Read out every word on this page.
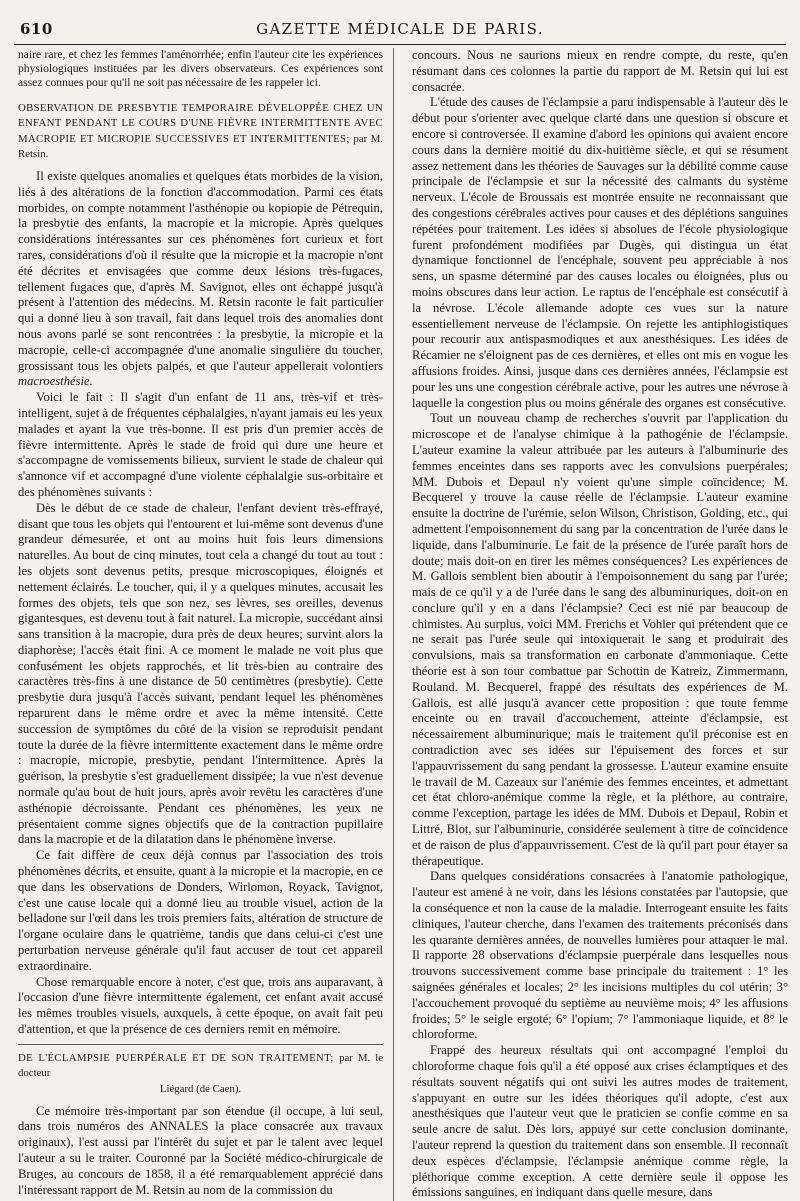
610	GAZETTE MÉDICALE DE PARIS.

naire rare, et chez les femmes l'aménorrhée; enfin l'auteur cite les expériences physiologiques instituées par les divers observateurs. Ces expériences sont assez connues pour qu'il ne soit pas nécessaire de les rappeler ici.

OBSERVATION DE PRESBYTIE TEMPORAIRE DÉVELOPPÉE CHEZ UN ENFANT PENDANT LE COURS D'UNE FIÈVRE INTERMITTENTE AVEC MACROPIE ET MICROPIE SUCCESSIVES ET INTERMITTENTES; par M. Retsin.

Il existe quelques anomalies et quelques états morbides de la vision, liés à des altérations de la fonction d'accommodation. Parmi ces états morbides, on compte notamment l'asthénopie ou kopiopie de Pétrequin, la presbytie des enfants, la macropie et la micropie. Après quelques considérations intéressantes sur ces phénomènes fort curieux et fort rares, considérations d'où il résulte que la micropie et la macropie n'ont été décrites et envisagées que comme deux lésions très-fugaces, tellement fugaces que, d'après M. Savignot, elles ont échappé jusqu'à présent à l'attention des médecins. M. Retsin raconte le fait particulier qui a donné lieu à son travail, fait dans lequel trois des anomalies dont nous avons parlé se sont rencontrées : la presbytie, la micropie et la macropie, celle-ci accompagnée d'une anomalie singulière du toucher, grossissant tous les objets palpés, et que l'auteur appellerait volontiers macroesthésie.

Voici le fait : Il s'agit d'un enfant de 11 ans, très-vif et très-intelligent, sujet à de fréquentes céphalalgies, n'ayant jamais eu les yeux malades et ayant la vue très-bonne. Il est pris d'un premier accès de fièvre intermittente. Après le stade de froid qui dure une heure et s'accompagne de vomissements bilieux, survient le stade de chaleur qui s'annonce vif et accompagné d'une violente céphalalgie sus-orbitaire et des phénomènes suivants :

Dès le début de ce stade de chaleur, l'enfant devient très-effrayé, disant que tous les objets qui l'entourent et lui-même sont devenus d'une grandeur démesurée, et ont au moins huit fois leurs dimensions naturelles. Au bout de cinq minutes, tout cela a changé du tout au tout : les objets sont devenus petits, presque microscopiques, éloignés et nettement éclairés. Le toucher, qui, il y a quelques minutes, accusait les formes des objets, tels que son nez, ses lèvres, ses oreilles, devenus gigantesques, est devenu tout à fait naturel. La micropie, succédant ainsi sans transition à la macropie, dura près de deux heures; survint alors la diaphorèse; l'accès était fini. A ce moment le malade ne voit plus que confusément les objets rapprochés, et lit très-bien au contraire des caractères très-fins à une distance de 50 centimètres (presbytie). Cette presbytie dura jusqu'à l'accès suivant, pendant lequel les phénomènes reparurent dans le même ordre et avec la même intensité. Cette succession de symptômes du côté de la vision se reproduisit pendant toute la durée de la fièvre intermittente exactement dans le même ordre : macropie, micropie, presbytie, pendant l'intermittence. Après la guérison, la presbytie s'est graduellement dissipée; la vue n'est devenue normale qu'au bout de huit jours, après avoir revêtu les caractères d'une asthénopie décroissante. Pendant ces phénomènes, les yeux ne présentaient comme signes objectifs que de la contraction pupillaire dans la macropie et de la dilatation dans le phénomène inverse.

Ce fait diffère de ceux déjà connus par l'association des trois phénomènes décrits, et ensuite, quant à la micropie et la macropie, en ce que dans les observations de Donders, Wirlomon, Royack, Tavignot, c'est une cause locale qui a donné lieu au trouble visuel, action de la belladone sur l'œil dans les trois premiers faits, altération de structure de l'organe oculaire dans le quatrième, tandis que dans celui-ci c'est une perturbation nerveuse générale qu'il faut accuser de tout cet appareil extraordinaire.

Chose remarquable encore à noter, c'est que, trois ans auparavant, à l'occasion d'une fièvre intermittente également, cet enfant avait accusé les mêmes troubles visuels, auxquels, à cette époque, on avait fait peu d'attention, et que la présence de ces derniers remit en mémoire.

DE L'ÉCLAMPSIE PUERPÉRALE ET DE SON TRAITEMENT; par M. le docteur
Liégard (de Caen).

Ce mémoire très-important par son étendue (il occupe, à lui seul, dans trois numéros des ANNALES la place consacrée aux travaux originaux), l'est aussi par l'intérêt du sujet et par le talent avec lequel l'auteur a su le traiter. Couronné par la Société médico-chirurgicale de Bruges, au concours de 1858, il a été remarquablement apprécié dans l'intéressant rapport de M. Retsin au nom de la commission du

concours. Nous ne saurions mieux en rendre compte, du reste, qu'en résumant dans ces colonnes la partie du rapport de M. Retsin qui lui est consacrée.

L'étude des causes de l'éclampsie a paru indispensable à l'auteur dès le début pour s'orienter avec quelque clarté dans une question si obscure et encore si controversée. Il examine d'abord les opinions qui avaient encore cours dans la dernière moitié du dix-huitième siècle, et qui se résument assez nettement dans les théories de Sauvages sur la débilité comme cause principale de l'éclampsie et sur la nécessité des calmants du système nerveux. L'école de Broussais est montrée ensuite ne reconnaissant que des congestions cérébrales actives pour causes et des déplétions sanguines répétées pour traitement. Les idées si absolues de l'école physiologique furent profondément modifiées par Dugès, qui distingua un état dynamique fonctionnel de l'encéphale, souvent peu appréciable à nos sens, un spasme déterminé par des causes locales ou éloignées, plus ou moins obscures dans leur action. Le raptus de l'encéphale est consécutif à la névrose. L'école allemande adopte ces vues sur la nature essentiellement nerveuse de l'éclampsie. On rejette les antiphlogistiques pour recourir aux antispasmodiques et aux anesthésiques. Les idées de Récamier ne s'éloignent pas de ces dernières, et elles ont mis en vogue les affusions froides. Ainsi, jusque dans ces dernières années, l'éclampsie est pour les uns une congestion cérébrale active, pour les autres une névrose à laquelle la congestion plus ou moins générale des organes est consécutive.

Tout un nouveau champ de recherches s'ouvrit par l'application du microscope et de l'analyse chimique à la pathogénie de l'éclampsie. L'auteur examine la valeur attribuée par les auteurs à l'albuminurie des femmes enceintes dans ses rapports avec les convulsions puerpérales; MM. Dubois et Depaul n'y voient qu'une simple coïncidence; M. Becquerel y trouve la cause réelle de l'éclampsie. L'auteur examine ensuite la doctrine de l'urémie, selon Wilson, Christison, Golding, etc., qui admettent l'empoisonnement du sang par la concentration de l'urée dans le liquide, dans l'albuminurie. Le fait de la présence de l'urée paraît hors de doute; mais doit-on en tirer les mêmes conséquences? Les expériences de M. Gallois semblent bien aboutir à l'empoisonnement du sang par l'urée; mais de ce qu'il y a de l'urée dans le sang des albuminuriques, doit-on en conclure qu'il y en a dans l'éclampsie? Ceci est nié par beaucoup de chimistes. Au surplus, voici MM. Frerichs et Vohler qui prétendent que ce ne serait pas l'urée seule qui intoxiquerait le sang et produirait des convulsions, mais sa transformation en carbonate d'ammoniaque. Cette théorie est à son tour combattue par Schottin de Katreiz, Zimmermann, Rouland. M. Becquerel, frappé des résultats des expériences de M. Gallois, est allé jusqu'à avancer cette proposition : que toute femme enceinte ou en travail d'accouchement, atteinte d'éclampsie, est nécessairement albuminurique; mais le traitement qu'il préconise est en contradiction avec ses idées sur l'épuisement des forces et sur l'appauvrissement du sang pendant la grossesse. L'auteur examine ensuite le travail de M. Cazeaux sur l'anémie des femmes enceintes, et admettant cet état chloro-anémique comme la règle, et la pléthore, au contraire, comme l'exception, partage les idées de MM. Dubois et Depaul, Robin et Littré, Blot, sur l'albuminurie, considérée seulement à titre de coïncidence et de raison de plus d'appauvrissement. C'est de là qu'il part pour étayer sa thérapeutique.

Dans quelques considérations consacrées à l'anatomie pathologique, l'auteur est amené à ne voir, dans les lésions constatées par l'autopsie, que la conséquence et non la cause de la maladie. Interrogeant ensuite les faits cliniques, l'auteur cherche, dans l'examen des traitements préconisés dans les quarante dernières années, de nouvelles lumières pour attaquer le mal. Il rapporte 28 observations d'éclampsie puerpérale dans lesquelles nous trouvons successivement comme base principale du traitement : 1° les saignées générales et locales; 2° les incisions multiples du col utérin; 3° l'accouchement provoqué du septième au neuvième mois; 4° les affusions froides; 5° le seigle ergoté; 6° l'opium; 7° l'ammoniaque liquide, et 8° le chloroforme.

Frappé des heureux résultats qui ont accompagné l'emploi du chloroforme chaque fois qu'il a été opposé aux crises éclamptiques et des résultats souvent négatifs qui ont suivi les autres modes de traitement, s'appuyant en outre sur les idées théoriques qu'il adopte, c'est aux anesthésiques que l'auteur veut que le praticien se confie comme en sa seule ancre de salut. Dès lors, appuyé sur cette conclusion dominante, l'auteur reprend la question du traitement dans son ensemble. Il reconnaît deux espèces d'éclampsie, l'éclampsie anémique comme règle, la pléthorique comme exception. A cette dernière seule il oppose les émissions sanguines, en indiquant dans quelle mesure, dans
